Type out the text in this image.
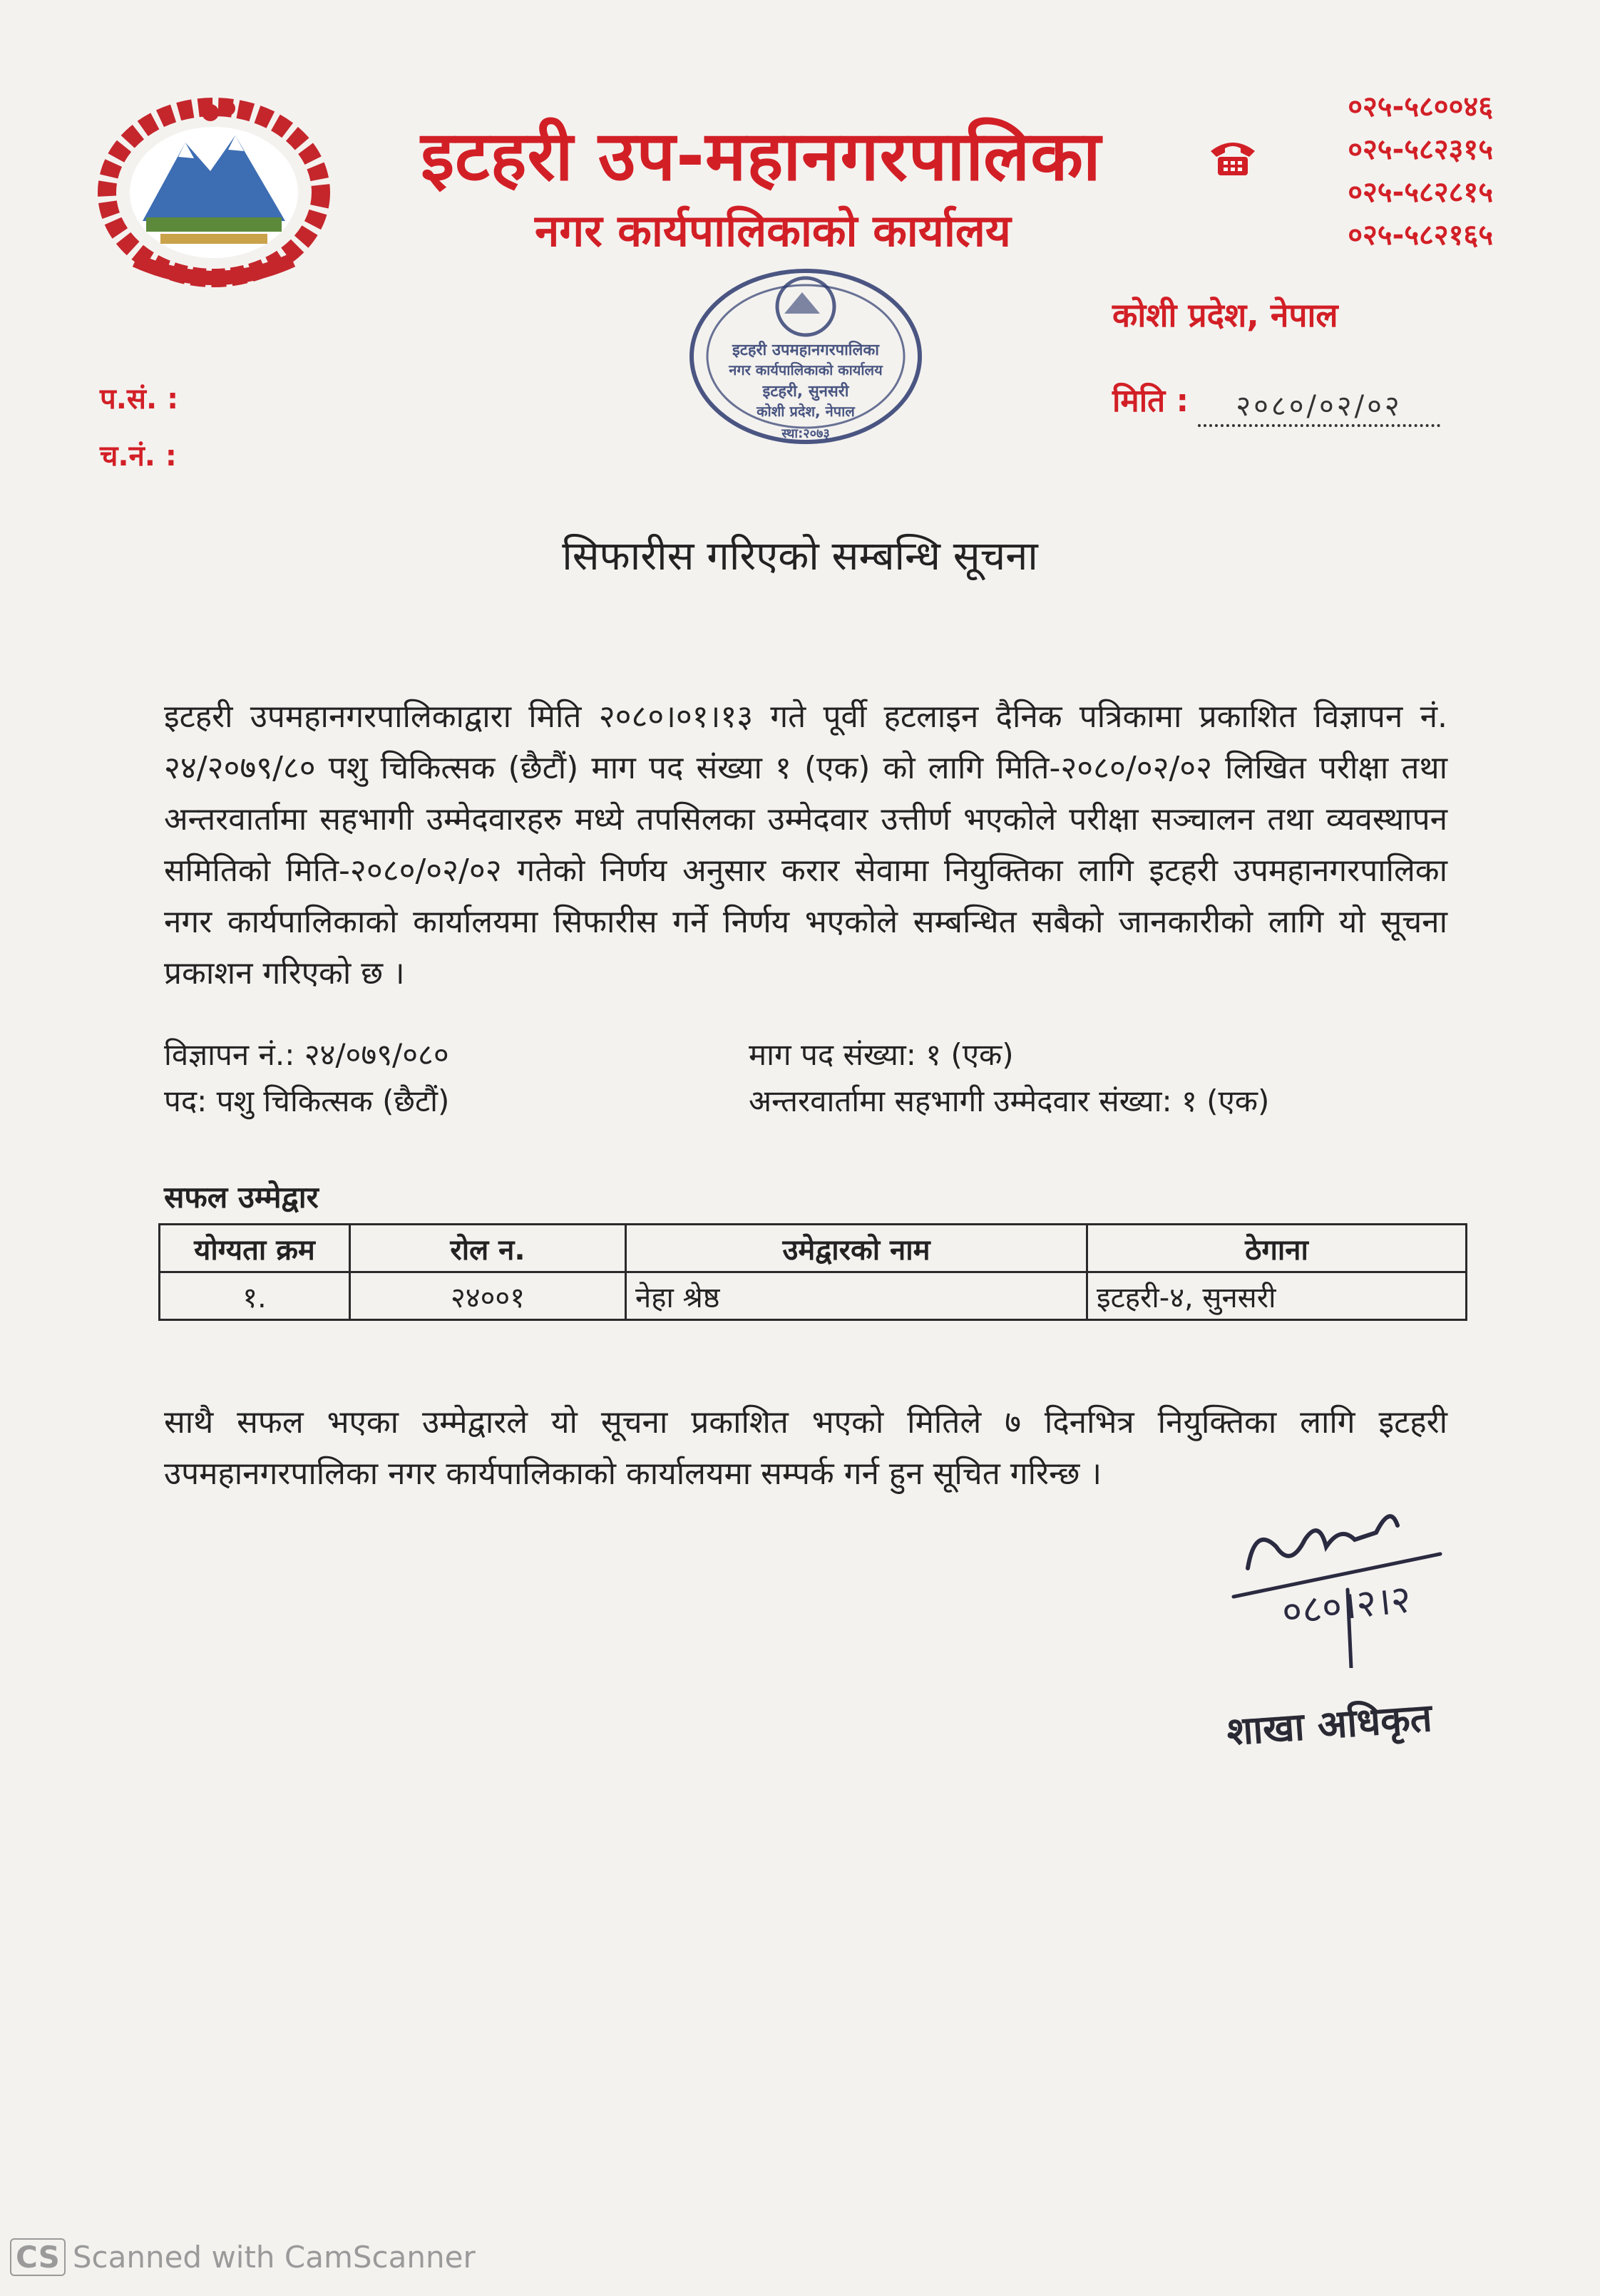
इटहरी उप-महानगरपालिका
नगर कार्यपालिकाको कार्यालय
०२५-५८००४६
०२५-५८२३१५
०२५-५८२८१५
०२५-५८२१६५
इटहरी उपमहानगरपालिका
नगर कार्यपालिकाको कार्यालय
इटहरी, सुनसरी
कोशी प्रदेश, नेपाल
स्था:२०७३
कोशी प्रदेश, नेपाल
मिति :	२०८०/०२/०२
प.सं. :
च.नं. :
सिफारीस गरिएको सम्बन्धि सूचना
इटहरी उपमहानगरपालिकाद्वारा मिति २०८०।०१।१३ गते पूर्वी हटलाइन दैनिक पत्रिकामा प्रकाशित विज्ञापन नं. २४/२०७९/८० पशु चिकित्सक (छैटौं) माग पद संख्या १ (एक) को लागि मिति-२०८०/०२/०२ लिखित परीक्षा तथा अन्तरवार्तामा सहभागी उम्मेदवारहरु मध्ये तपसिलका उम्मेदवार उत्तीर्ण भएकोले परीक्षा सञ्चालन तथा व्यवस्थापन समितिको मिति-२०८०/०२/०२ गतेको निर्णय अनुसार करार सेवामा नियुक्तिका लागि इटहरी उपमहानगरपालिका नगर कार्यपालिकाको कार्यालयमा सिफारीस गर्ने निर्णय भएकोले सम्बन्धित सबैको जानकारीको लागि यो सूचना प्रकाशन गरिएको छ ।
विज्ञापन नं.: २४/०७९/०८०	माग पद संख्या: १ (एक)
पद: पशु चिकित्सक (छैटौं)	अन्तरवार्तामा सहभागी उम्मेदवार संख्या: १ (एक)
सफल उम्मेद्वार
योग्यता क्रम	रोल न.	उमेद्वारको नाम	ठेगाना
१.	२४००१	नेहा श्रेष्ठ	इटहरी-४, सुनसरी
साथै सफल भएका उम्मेद्वारले यो सूचना प्रकाशित भएको मितिले ७ दिनभित्र नियुक्तिका लागि इटहरी उपमहानगरपालिका नगर कार्यपालिकाको कार्यालयमा सम्पर्क गर्न हुन सूचित गरिन्छ ।
०८०।२।२
शाखा अधिकृत
CS Scanned with CamScanner
